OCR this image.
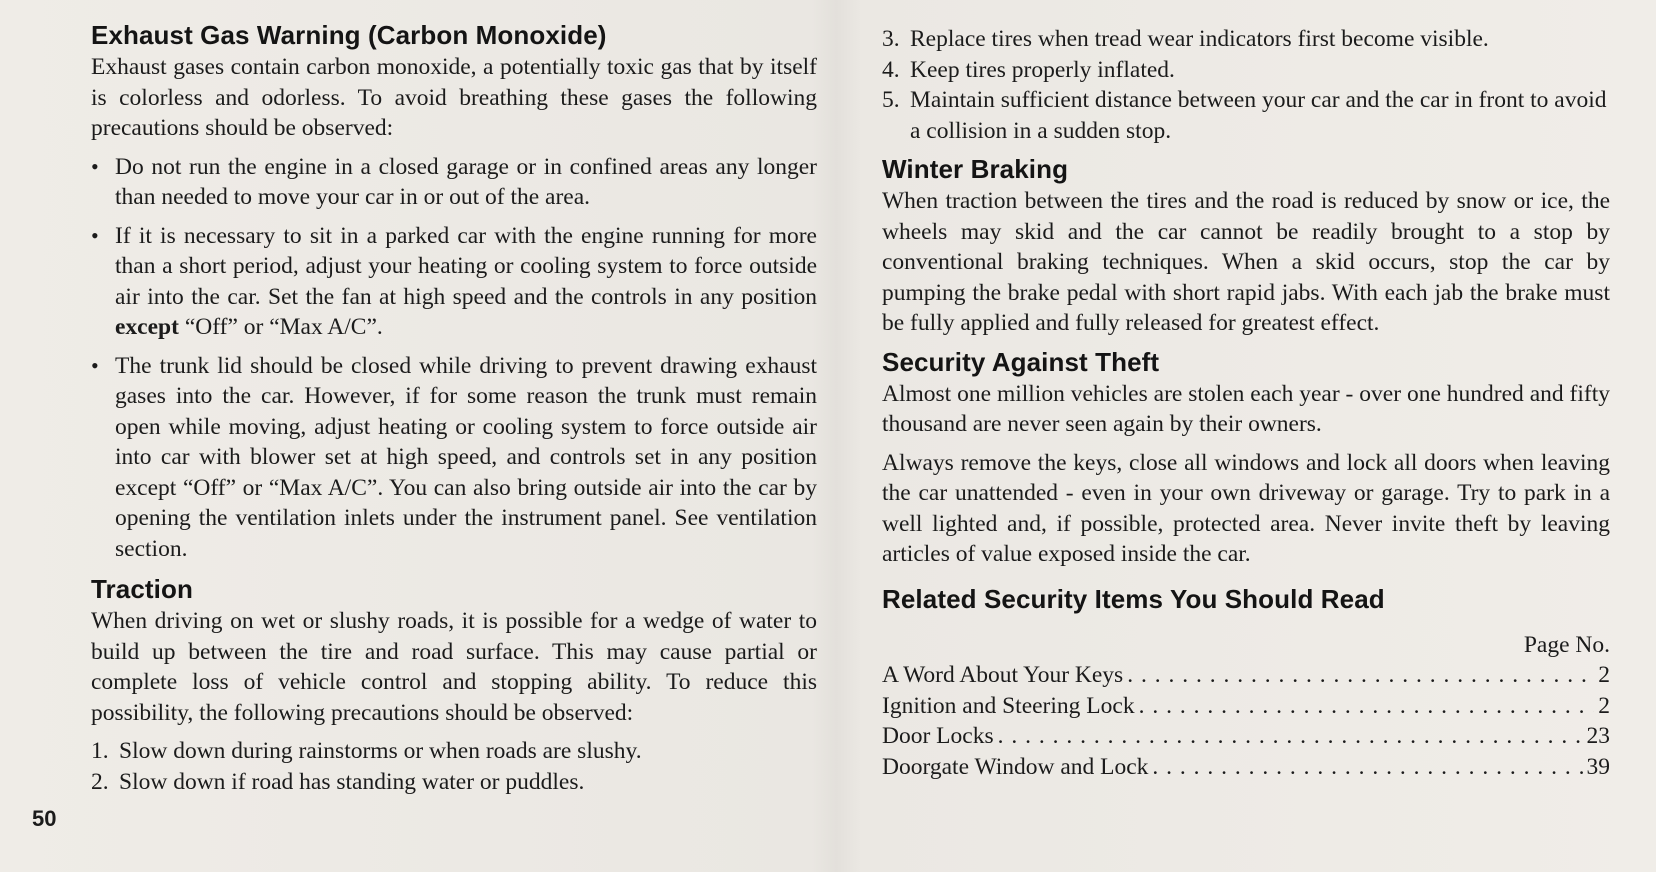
Exhaust Gas Warning (Carbon Monoxide)

Exhaust gases contain carbon monoxide, a potentially toxic gas that by itself is colorless and odorless. To avoid breathing these gases the following precautions should be observed:

• Do not run the engine in a closed garage or in confined areas any longer than needed to move your car in or out of the area.
• If it is necessary to sit in a parked car with the engine running for more than a short period, adjust your heating or cooling system to force outside air into the car. Set the fan at high speed and the controls in any position except “Off” or “Max A/C”.
• The trunk lid should be closed while driving to prevent drawing exhaust gases into the car. However, if for some reason the trunk must remain open while moving, adjust heating or cooling system to force outside air into car with blower set at high speed, and controls set in any position except “Off” or “Max A/C”. You can also bring outside air into the car by opening the ventilation inlets under the instrument panel. See ventilation section.
Traction

When driving on wet or slushy roads, it is possible for a wedge of water to build up between the tire and road surface. This may cause partial or complete loss of vehicle control and stopping ability. To reduce this possibility, the following precautions should be observed:

1. Slow down during rainstorms or when roads are slushy.
2. Slow down if road has standing water or puddles.
50
3. Replace tires when tread wear indicators first become visible.
4. Keep tires properly inflated.
5. Maintain sufficient distance between your car and the car in front to avoid a collision in a sudden stop.
Winter Braking

When traction between the tires and the road is reduced by snow or ice, the wheels may skid and the car cannot be readily brought to a stop by conventional braking techniques. When a skid occurs, stop the car by pumping the brake pedal with short rapid jabs. With each jab the brake must be fully applied and fully released for greatest effect.

Security Against Theft

Almost one million vehicles are stolen each year - over one hundred and fifty thousand are never seen again by their owners.

Always remove the keys, close all windows and lock all doors when leaving the car unattended - even in your own driveway or garage. Try to park in a well lighted and, if possible, protected area. Never invite theft by leaving articles of value exposed inside the car.

Related Security Items You Should Read
Page No.
A Word About Your Keys . . .	2
Ignition and Steering Lock . . .	2
Door Locks . . .	23
Doorgate Window and Lock . . .	39
